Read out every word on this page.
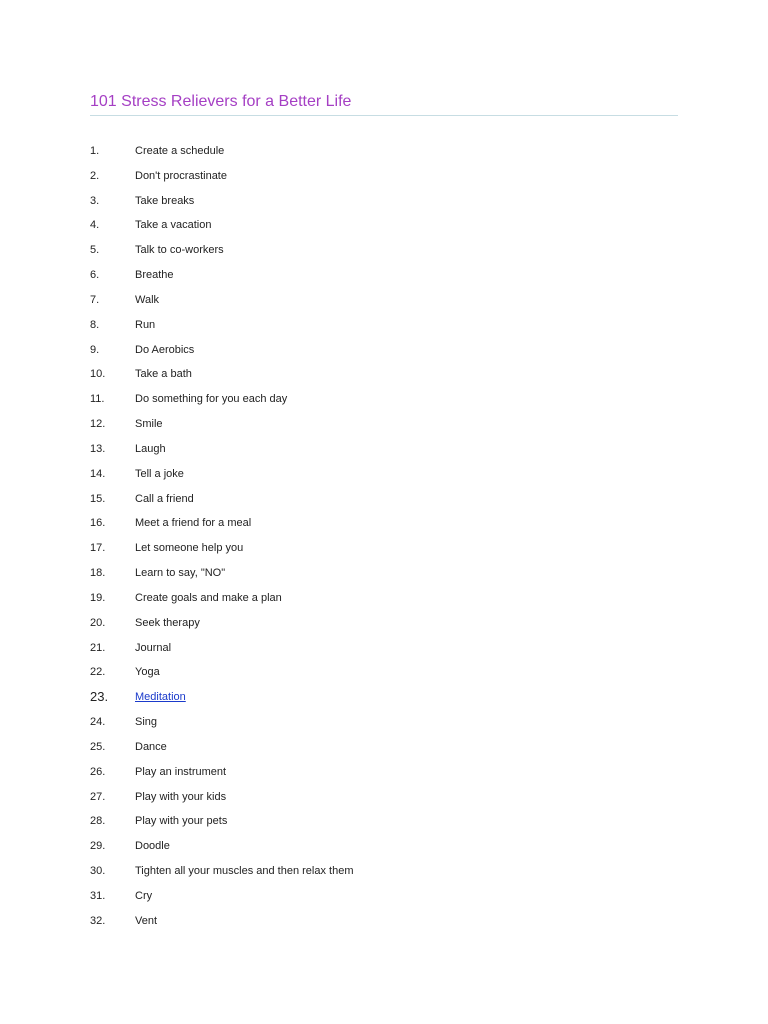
101 Stress Relievers for a Better Life
1.	Create a schedule
2.	Don't procrastinate
3.	Take breaks
4.	Take a vacation
5.	Talk to co-workers
6.	Breathe
7.	Walk
8.	Run
9.	Do Aerobics
10.	Take a bath
11.	Do something for you each day
12.	Smile
13.	Laugh
14.	Tell a joke
15.	Call a friend
16.	Meet a friend for a meal
17.	Let someone help you
18.	Learn to say, "NO"
19.	Create goals and make a plan
20.	Seek therapy
21.	Journal
22.	Yoga
23. Meditation
24.	Sing
25.	Dance
26.	Play an instrument
27.	Play with your kids
28.	Play with your pets
29.	Doodle
30.	Tighten all your muscles and then relax them
31.	Cry
32.	Vent
